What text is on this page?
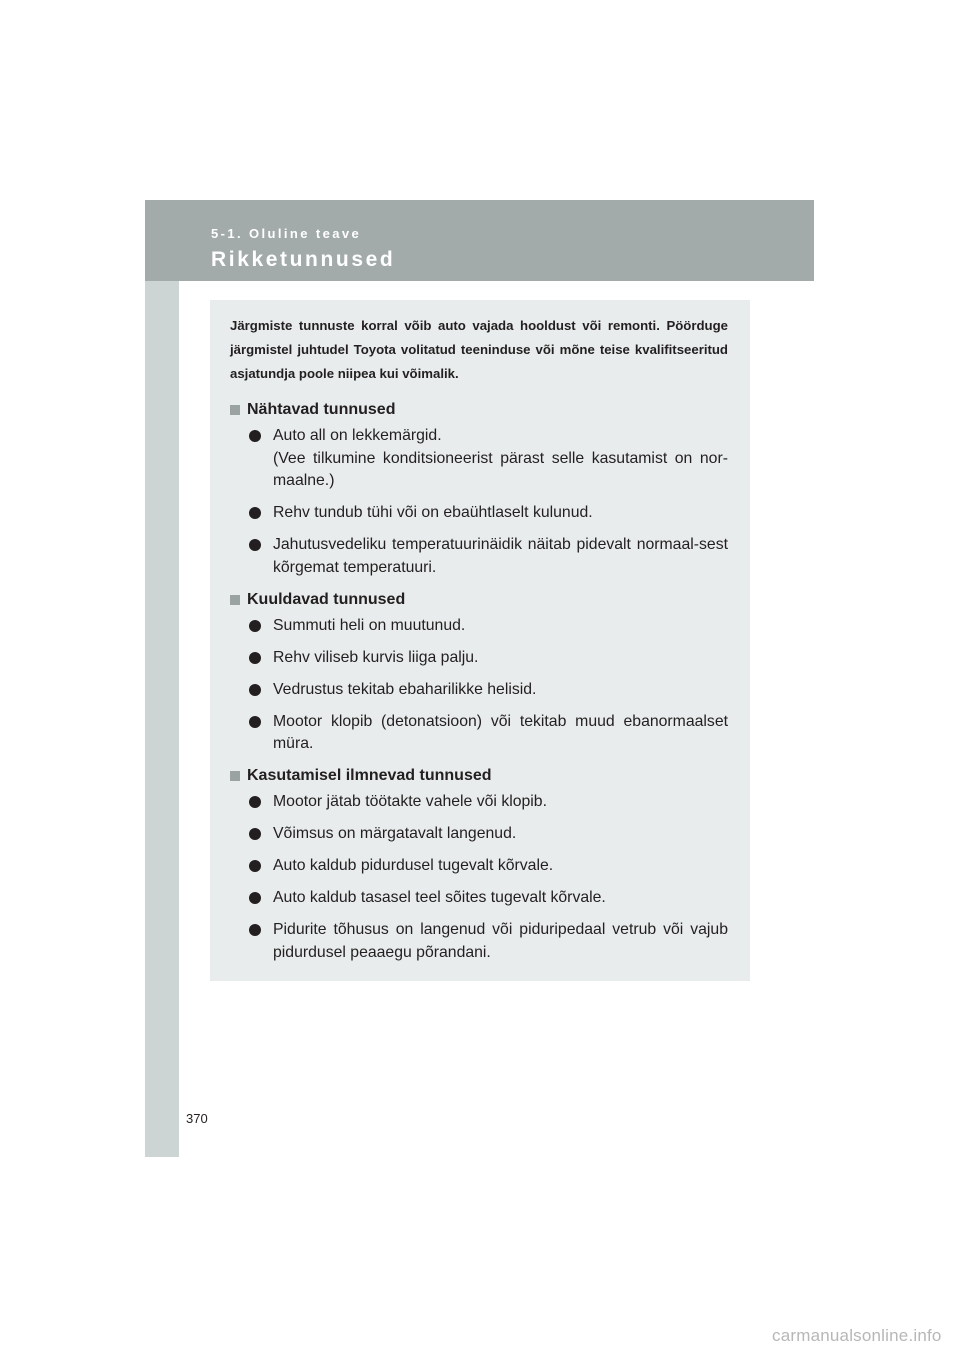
5-1. Oluline teave
Rikketunnused

Järgmiste tunnuste korral võib auto vajada hooldust või remonti. Pöörduge järgmistel juhtudel Toyota volitatud teeninduse või mõne teise kvalifitseeritud asjatundja poole niipea kui võimalik.

Nähtavad tunnused
Auto all on lekkemärgid.
(Vee tilkumine konditsioneerist pärast selle kasutamist on nor-maalne.)
Rehv tundub tühi või on ebaühtlaselt kulunud.
Jahutusvedeliku temperatuurinäidik näitab pidevalt normaal-sest kõrgemat temperatuuri.
Kuuldavad tunnused
Summuti heli on muutunud.
Rehv viliseb kurvis liiga palju.
Vedrustus tekitab ebaharilikke helisid.
Mootor klopib (detonatsioon) või tekitab muud ebanormaalset müra.
Kasutamisel ilmnevad tunnused
Mootor jätab töötakte vahele või klopib.
Võimsus on märgatavalt langenud.
Auto kaldub pidurdusel tugevalt kõrvale.
Auto kaldub tasasel teel sõites tugevalt kõrvale.
Pidurite tõhusus on langenud või piduripedaal vetrub või vajub pidurdusel peaaegu põrandani.
370
carmanualsonline.info
